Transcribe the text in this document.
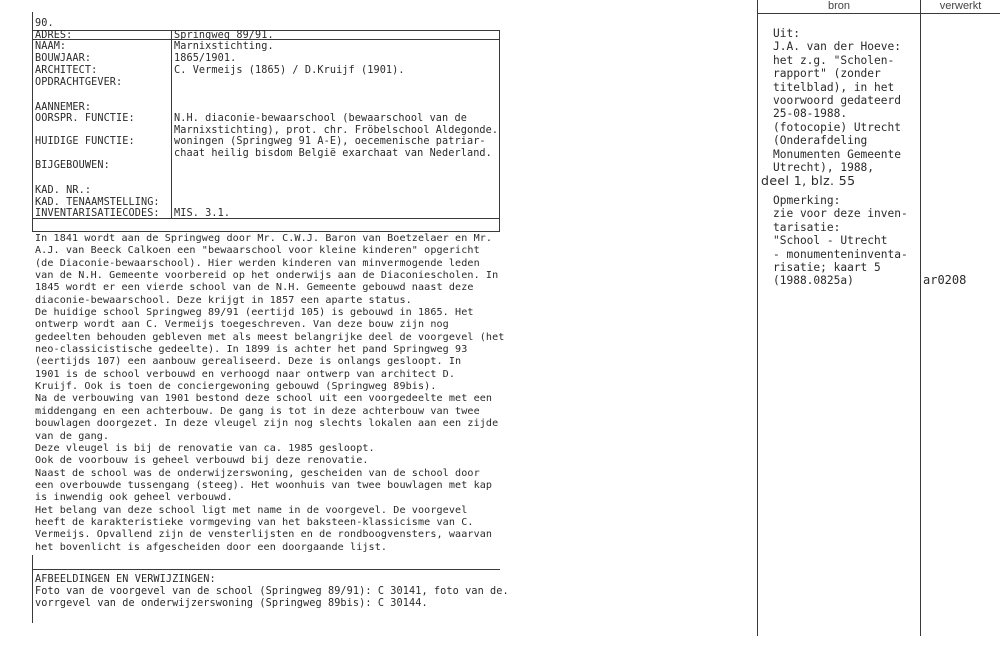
90.
ADRES:
NAAM:
BOUWJAAR:
ARCHITECT:
OPDRACHTGEVER:
AANNEMER:
OORSPR. FUNCTIE:
HUIDIGE FUNCTIE:
BIJGEBOUWEN:
KAD. NR.:
KAD. TENAAMSTELLING:
INVENTARISATIECODES:
Springweg 89/91.
Marnixstichting.
1865/1901.
C. Vermeijs (1865) / D.Kruijf (1901).
N.H. diaconie-bewaarschool (bewaarschool van de
Marnixstichting), prot. chr. Fröbelschool Aldegonde.
woningen (Springweg 91 A-E), oecemenische patriar-
chaat heilig bisdom België exarchaat van Nederland.
MIS. 3.1.
In 1841 wordt aan de Springweg door Mr. C.W.J. Baron van Boetzelaer en Mr.
A.J. van Beeck Calkoen een "bewaarschool voor kleine kinderen" opgericht
(de Diaconie-bewaarschool). Hier werden kinderen van minvermogende leden
van de N.H. Gemeente voorbereid op het onderwijs aan de Diaconiescholen. In
1845 wordt er een vierde school van de N.H. Gemeente gebouwd naast deze
diaconie-bewaarschool. Deze krijgt in 1857 een aparte status.
De huidige school Springweg 89/91 (eertijd 105) is gebouwd in 1865. Het
ontwerp wordt aan C. Vermeijs toegeschreven. Van deze bouw zijn nog
gedeelten behouden gebleven met als meest belangrijke deel de voorgevel (het
neo-classicistische gedeelte). In 1899 is achter het pand Springweg 93
(eertijds 107) een aanbouw gerealiseerd. Deze is onlangs gesloopt. In
1901 is de school verbouwd en verhoogd naar ontwerp van architect D.
Kruijf. Ook is toen de conciergewoning gebouwd (Springweg 89bis).
Na de verbouwing van 1901 bestond deze school uit een voorgedeelte met een
middengang en een achterbouw. De gang is tot in deze achterbouw van twee
bouwlagen doorgezet. In deze vleugel zijn nog slechts lokalen aan een zijde
van de gang.
Deze vleugel is bij de renovatie van ca. 1985 gesloopt.
Ook de voorbouw is geheel verbouwd bij deze renovatie.
Naast de school was de onderwijzerswoning, gescheiden van de school door
een overbouwde tussengang (steeg). Het woonhuis van twee bouwlagen met kap
is inwendig ook geheel verbouwd.
Het belang van deze school ligt met name in de voorgevel. De voorgevel
heeft de karakteristieke vormgeving van het baksteen-klassicisme van C.
Vermeijs. Opvallend zijn de vensterlijsten en de rondboogvensters, waarvan
het bovenlicht is afgescheiden door een doorgaande lijst.
AFBEELDINGEN EN VERWIJZINGEN:
Foto van de voorgevel van de school (Springweg 89/91): C 30141, foto van de.
vorrgevel van de onderwijzerswoning (Springweg 89bis): C 30144.
bron	verwerkt
Uit:
J.A. van der Hoeve:
het z.g. "Scholen-
rapport" (zonder
titelblad), in het
voorwoord gedateerd
25-08-1988.
(fotocopie) Utrecht
(Onderafdeling
Monumenten Gemeente
Utrecht), 1988,
deel 1, blz. 55
Opmerking:
zie voor deze inven-
tarisatie:
"School - Utrecht
- monumenteninventa-
risatie; kaart 5
(1988.0825a)	ar0208
